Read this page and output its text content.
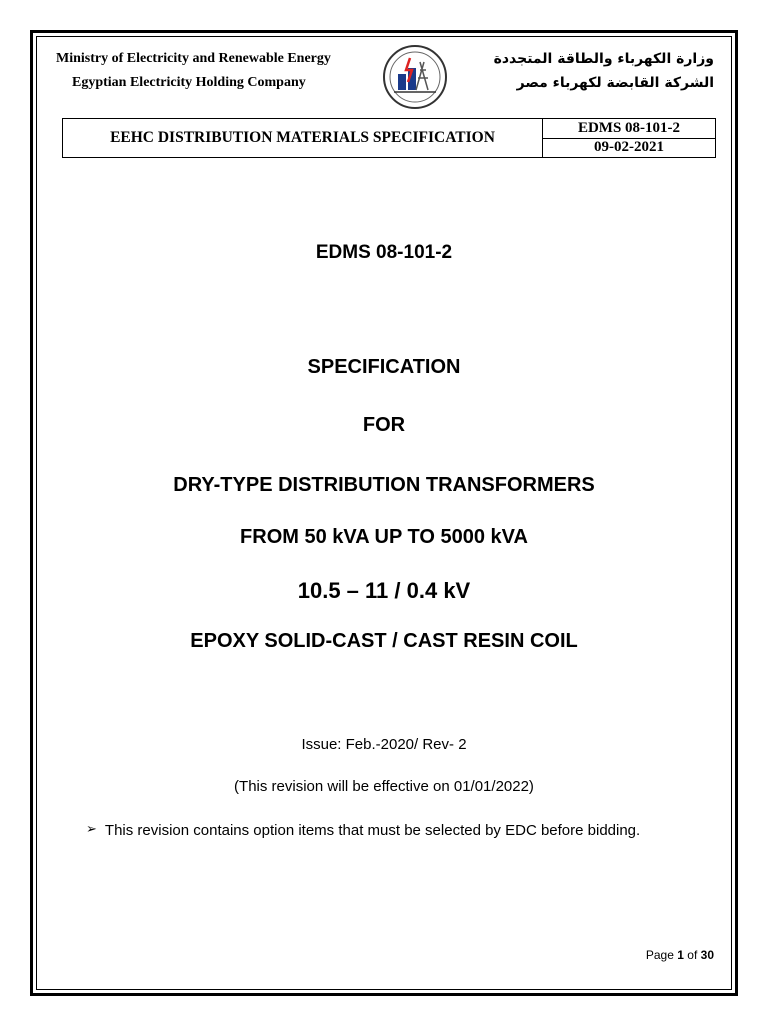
Ministry of Electricity and Renewable Energy
Egyptian Electricity Holding Company
وزارة الكهرباء والطاقة المتجددة
الشركة القابضة لكهرباء مصر
EEHC DISTRIBUTION MATERIALS SPECIFICATION
EDMS 08-101-2
09-02-2021
EDMS 08-101-2
SPECIFICATION
FOR
DRY-TYPE DISTRIBUTION TRANSFORMERS
FROM 50 kVA UP TO 5000 kVA
10.5 – 11 / 0.4 kV
EPOXY SOLID-CAST / CAST RESIN COIL
Issue: Feb.-2020/ Rev- 2
(This revision will be effective on 01/01/2022)
➢ This revision contains option items that must be selected by EDC before bidding.
Page 1 of 30
